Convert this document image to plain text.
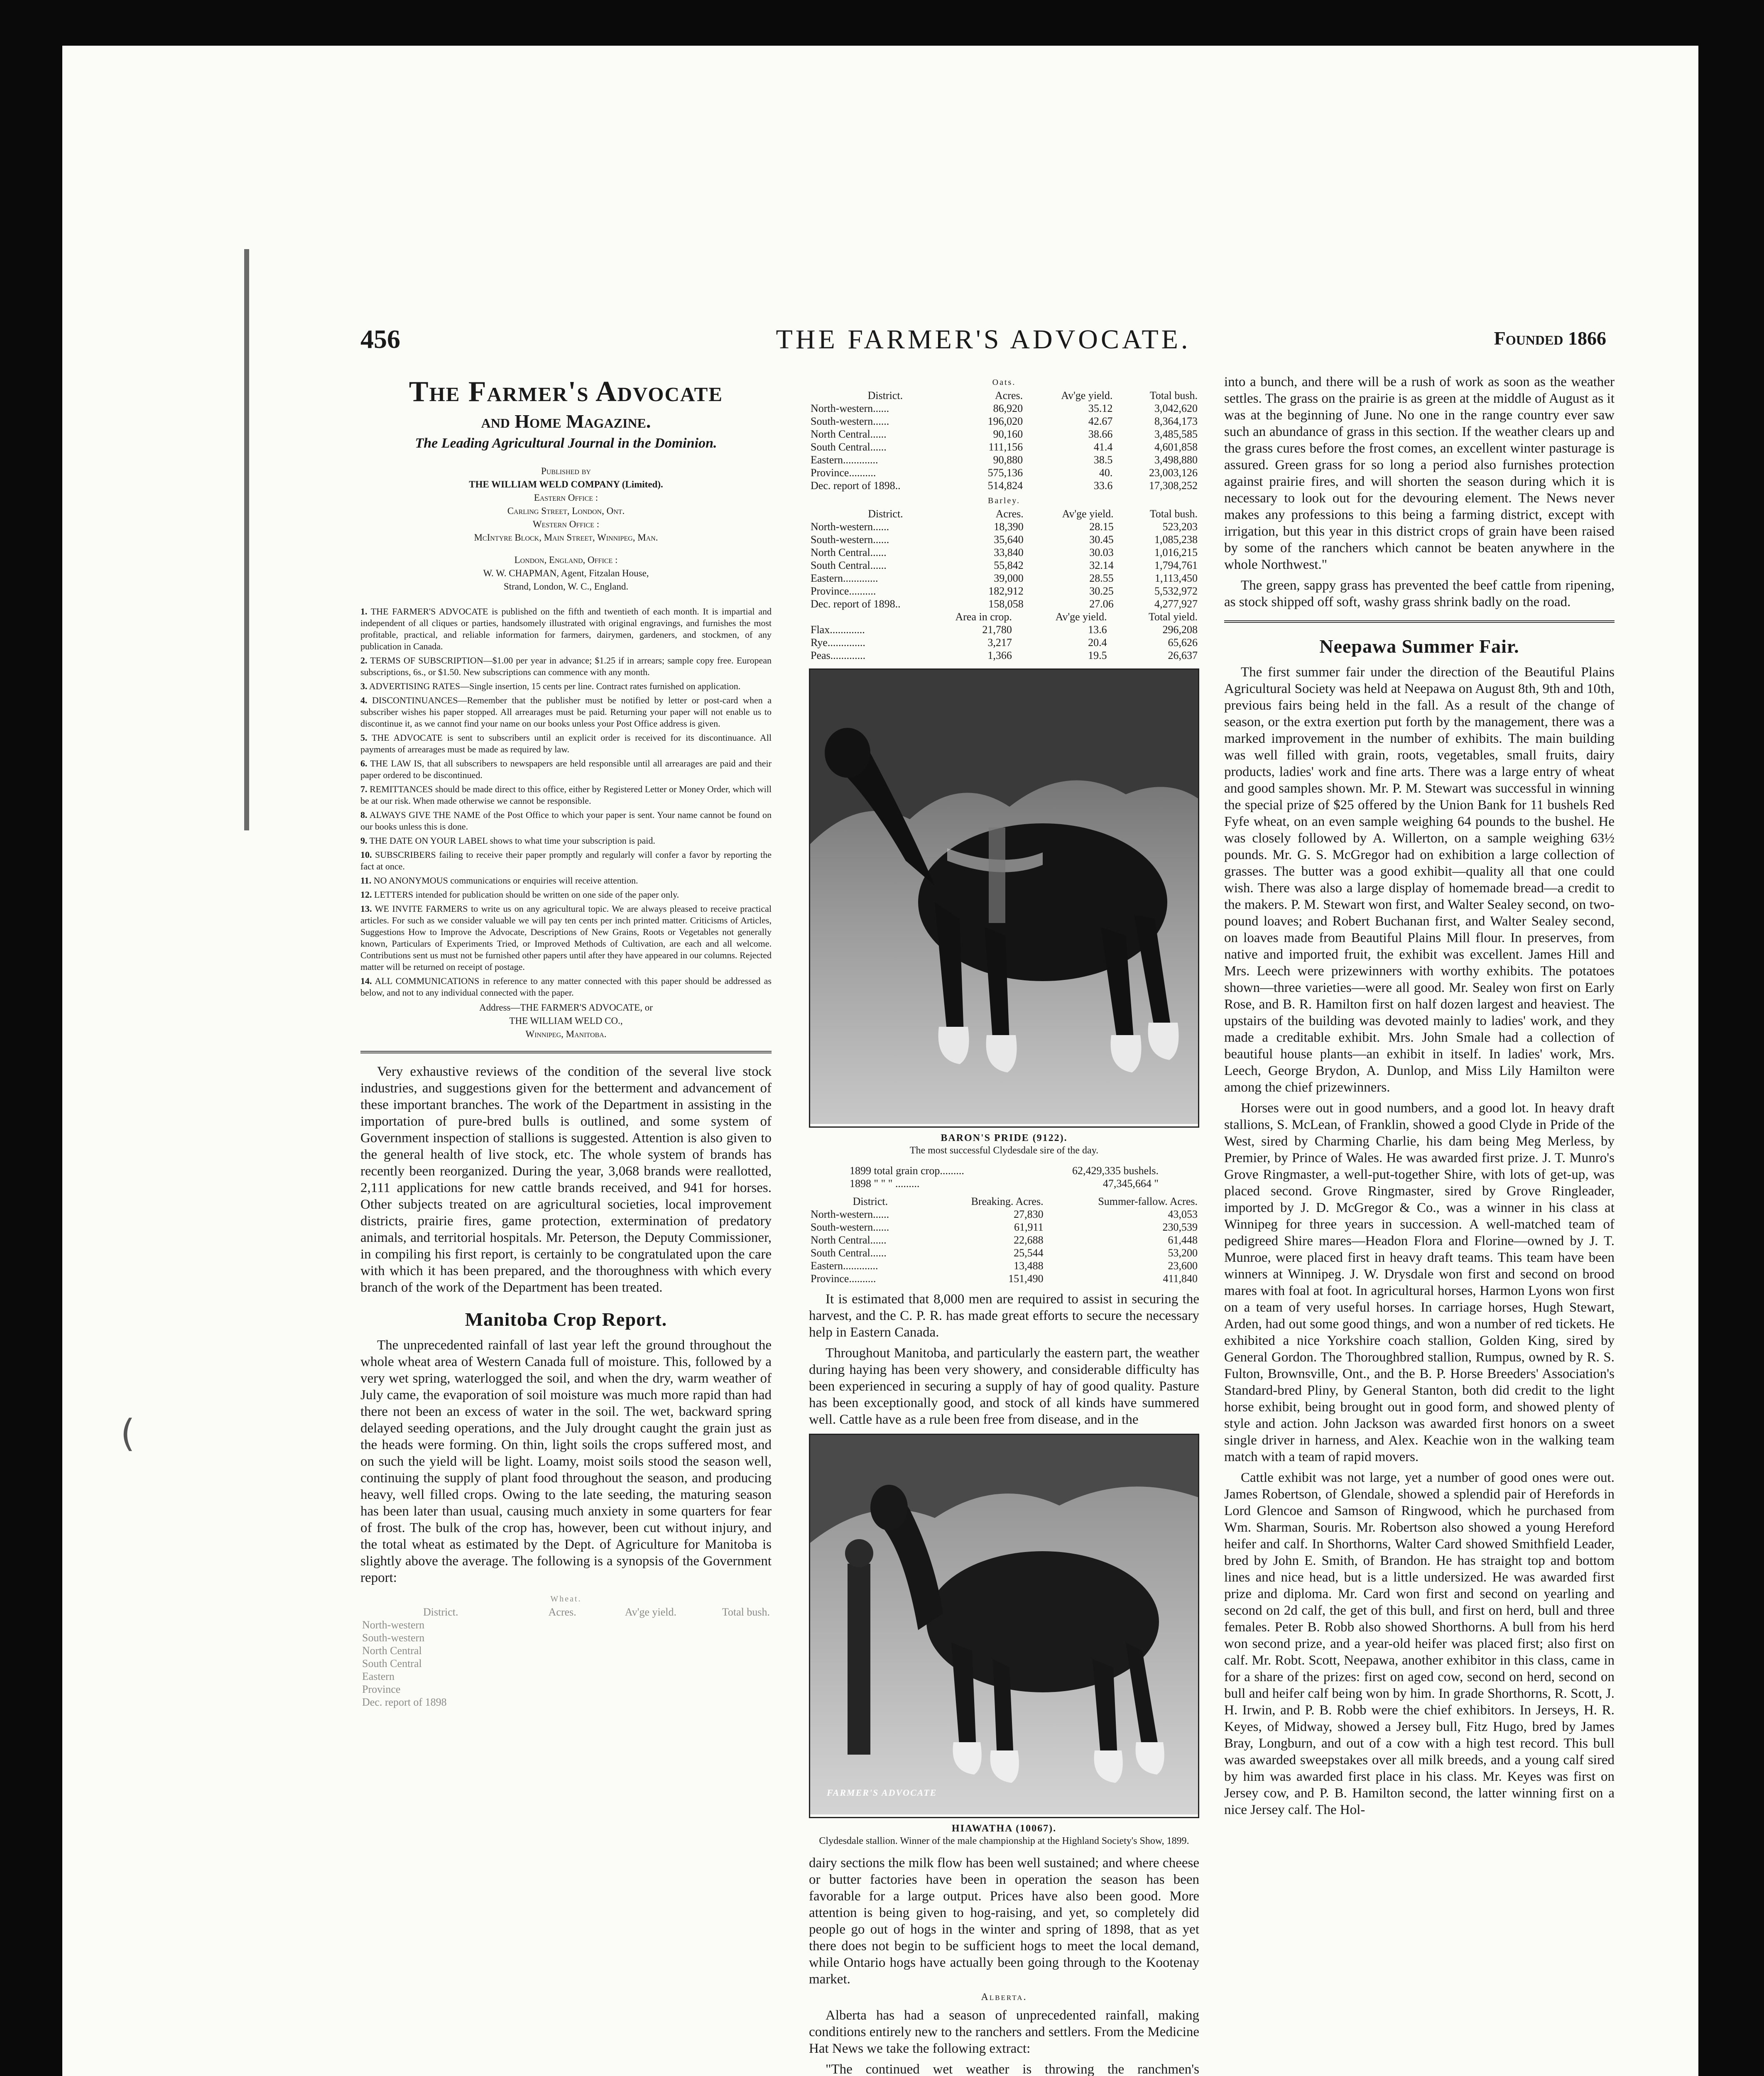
(
456	THE FARMER'S ADVOCATE.	Founded 1866
The Farmer's Advocate
and Home Magazine.
The Leading Agricultural Journal in the Dominion.
Published by
THE WILLIAM WELD COMPANY (Limited).
Eastern Office :
Carling Street, London, Ont.
Western Office :
McIntyre Block, Main Street, Winnipeg, Man.
London, England, Office :
W. W. CHAPMAN, Agent, Fitzalan House,
Strand, London, W. C., England.
1. THE FARMER'S ADVOCATE is published on the fifth and twentieth of each month. It is impartial and independent of all cliques or parties, handsomely illustrated with original engravings, and furnishes the most profitable, practical, and reliable information for farmers, dairymen, gardeners, and stockmen, of any publication in Canada.
2. TERMS OF SUBSCRIPTION—$1.00 per year in advance; $1.25 if in arrears; sample copy free. European subscriptions, 6s., or $1.50. New subscriptions can commence with any month.
3. ADVERTISING RATES—Single insertion, 15 cents per line. Contract rates furnished on application.
4. DISCONTINUANCES—Remember that the publisher must be notified by letter or post-card when a subscriber wishes his paper stopped. All arrearages must be paid. Returning your paper will not enable us to discontinue it, as we cannot find your name on our books unless your Post Office address is given.
5. THE ADVOCATE is sent to subscribers until an explicit order is received for its discontinuance. All payments of arrearages must be made as required by law.
6. THE LAW IS, that all subscribers to newspapers are held responsible until all arrearages are paid and their paper ordered to be discontinued.
7. REMITTANCES should be made direct to this office, either by Registered Letter or Money Order, which will be at our risk. When made otherwise we cannot be responsible.
8. ALWAYS GIVE THE NAME of the Post Office to which your paper is sent. Your name cannot be found on our books unless this is done.
9. THE DATE ON YOUR LABEL shows to what time your subscription is paid.
10. SUBSCRIBERS failing to receive their paper promptly and regularly will confer a favor by reporting the fact at once.
11. NO ANONYMOUS communications or enquiries will receive attention.
12. LETTERS intended for publication should be written on one side of the paper only.
13. WE INVITE FARMERS to write us on any agricultural topic. We are always pleased to receive practical articles. For such as we consider valuable we will pay ten cents per inch printed matter. Criticisms of Articles, Suggestions How to Improve the Advocate, Descriptions of New Grains, Roots or Vegetables not generally known, Particulars of Experiments Tried, or Improved Methods of Cultivation, are each and all welcome. Contributions sent us must not be furnished other papers until after they have appeared in our columns. Rejected matter will be returned on receipt of postage.
14. ALL COMMUNICATIONS in reference to any matter connected with this paper should be addressed as below, and not to any individual connected with the paper.
Address—THE FARMER'S ADVOCATE, or
THE WILLIAM WELD CO.,
Winnipeg, Manitoba.

Very exhaustive reviews of the condition of the several live stock industries, and suggestions given for the betterment and advancement of these important branches. The work of the Department in assisting in the importation of pure-bred bulls is outlined, and some system of Government inspection of stallions is suggested. Attention is also given to the general health of live stock, etc. The whole system of brands has recently been reorganized. During the year, 3,068 brands were reallotted, 2,111 applications for new cattle brands received, and 941 for horses. Other subjects treated on are agricultural societies, local improvement districts, prairie fires, game protection, extermination of predatory animals, and territorial hospitals. Mr. Peterson, the Deputy Commissioner, in compiling his first report, is certainly to be congratulated upon the care with which it has been prepared, and the thoroughness with which every branch of the work of the Department has been treated.

Manitoba Crop Report.

The unprecedented rainfall of last year left the ground throughout the whole wheat area of Western Canada full of moisture. This, followed by a very wet spring, waterlogged the soil, and when the dry, warm weather of July came, the evaporation of soil moisture was much more rapid than had there not been an excess of water in the soil. The wet, backward spring delayed seeding operations, and the July drought caught the grain just as the heads were forming. On thin, light soils the crops suffered most, and on such the yield will be light. Loamy, moist soils stood the season well, continuing the supply of plant food throughout the season, and producing heavy, well filled crops. Owing to the late seeding, the maturing season has been later than usual, causing much anxiety in some quarters for fear of frost. The bulk of the crop has, however, been cut without injury, and the total wheat as estimated by the Dept. of Agriculture for Manitoba is slightly above the average. The following is a synopsis of the Government report:

Wheat.			
District.	Acres.	Av'ge yield.	Total bush.
North-western			
South-western			
North Central			
South Central			
Eastern			
Province			
Dec. report of 1898			
Oats.			
District.	Acres.	Av'ge yield.	Total bush.
North-western......	86,920	35.12	3,042,620
South-western......	196,020	42.67	8,364,173
North Central......	90,160	38.66	3,485,585
South Central......	111,156	41.4	4,601,858
Eastern.............	90,880	38.5	3,498,880
Province..........	575,136	40.	23,003,126
Dec. report of 1898..	514,824	33.6	17,308,252
Barley.			
District.	Acres.	Av'ge yield.	Total bush.
North-western......	18,390	28.15	523,203
South-western......	35,640	30.45	1,085,238
North Central......	33,840	30.03	1,016,215
South Central......	55,842	32.14	1,794,761
Eastern.............	39,000	28.55	1,113,450
Province..........	182,912	30.25	5,532,972
Dec. report of 1898..	158,058	27.06	4,277,927
	Area in crop.	Av'ge yield.	Total yield.
Flax.............	21,780	13.6	296,208
Rye..............	3,217	20.4	65,626
Peas.............	1,366	19.5	26,637
BARON'S PRIDE (9122).
The most successful Clydesdale sire of the day.
1899 total grain crop.........	62,429,335 bushels.
1898 " " " .........	47,345,664 "
District.	Breaking. Acres.	Summer-fallow. Acres.
North-western......	27,830	43,053
South-western......	61,911	230,539
North Central......	22,688	61,448
South Central......	25,544	53,200
Eastern.............	13,488	23,600
Province..........	151,490	411,840

It is estimated that 8,000 men are required to assist in securing the harvest, and the C. P. R. has made great efforts to secure the necessary help in Eastern Canada.

Throughout Manitoba, and particularly the eastern part, the weather during haying has been very showery, and considerable difficulty has been experienced in securing a supply of hay of good quality. Pasture has been exceptionally good, and stock of all kinds have summered well. Cattle have as a rule been free from disease, and in the

FARMER'S ADVOCATE
HIAWATHA (10067).
Clydesdale stallion. Winner of the male championship at the Highland Society's Show, 1899.

dairy sections the milk flow has been well sustained; and where cheese or butter factories have been in operation the season has been favorable for a large output. Prices have also been good. More attention is being given to hog-raising, and yet, so completely did people go out of hogs in the winter and spring of 1898, that as yet there does not begin to be sufficient hogs to meet the local demand, while Ontario hogs have actually been going through to the Kootenay market.

Alberta.

Alberta has had a season of unprecedented rainfall, making conditions entirely new to the ranchers and settlers. From the Medicine Hat News we take the following extract:

"The continued wet weather is throwing the ranchmen's

into a bunch, and there will be a rush of work as soon as the weather settles. The grass on the prairie is as green at the middle of August as it was at the beginning of June. No one in the range country ever saw such an abundance of grass in this section. If the weather clears up and the grass cures before the frost comes, an excellent winter pasturage is assured. Green grass for so long a period also furnishes protection against prairie fires, and will shorten the season during which it is necessary to look out for the devouring element. The News never makes any professions to this being a farming district, except with irrigation, but this year in this district crops of grain have been raised by some of the ranchers which cannot be beaten anywhere in the whole Northwest."

The green, sappy grass has prevented the beef cattle from ripening, as stock shipped off soft, washy grass shrink badly on the road.

Neepawa Summer Fair.

The first summer fair under the direction of the Beautiful Plains Agricultural Society was held at Neepawa on August 8th, 9th and 10th, previous fairs being held in the fall. As a result of the change of season, or the extra exertion put forth by the management, there was a marked improvement in the number of exhibits. The main building was well filled with grain, roots, vegetables, small fruits, dairy products, ladies' work and fine arts. There was a large entry of wheat and good samples shown. Mr. P. M. Stewart was successful in winning the special prize of $25 offered by the Union Bank for 11 bushels Red Fyfe wheat, on an even sample weighing 64 pounds to the bushel. He was closely followed by A. Willerton, on a sample weighing 63½ pounds. Mr. G. S. McGregor had on exhibition a large collection of grasses. The butter was a good exhibit—quality all that one could wish. There was also a large display of homemade bread—a credit to the makers. P. M. Stewart won first, and Walter Sealey second, on two-pound loaves; and Robert Buchanan first, and Walter Sealey second, on loaves made from Beautiful Plains Mill flour. In preserves, from native and imported fruit, the exhibit was excellent. James Hill and Mrs. Leech were prizewinners with worthy exhibits. The potatoes shown—three varieties—were all good. Mr. Sealey won first on Early Rose, and B. R. Hamilton first on half dozen largest and heaviest. The upstairs of the building was devoted mainly to ladies' work, and they made a creditable exhibit. Mrs. John Smale had a collection of beautiful house plants—an exhibit in itself. In ladies' work, Mrs. Leech, George Brydon, A. Dunlop, and Miss Lily Hamilton were among the chief prizewinners.

Horses were out in good numbers, and a good lot. In heavy draft stallions, S. McLean, of Franklin, showed a good Clyde in Pride of the West, sired by Charming Charlie, his dam being Meg Merless, by Premier, by Prince of Wales. He was awarded first prize. J. T. Munro's Grove Ringmaster, a well-put-together Shire, with lots of get-up, was placed second. Grove Ringmaster, sired by Grove Ringleader, imported by J. D. McGregor & Co., was a winner in his class at Winnipeg for three years in succession. A well-matched team of pedigreed Shire mares—Headon Flora and Florine—owned by J. T. Munroe, were placed first in heavy draft teams. This team have been winners at Winnipeg. J. W. Drysdale won first and second on brood mares with foal at foot. In agricultural horses, Harmon Lyons won first on a team of very useful horses. In carriage horses, Hugh Stewart, Arden, had out some good things, and won a number of red tickets. He exhibited a nice Yorkshire coach stallion, Golden King, sired by General Gordon. The Thoroughbred stallion, Rumpus, owned by R. S. Fulton, Brownsville, Ont., and the B. P. Horse Breeders' Association's Standard-bred Pliny, by General Stanton, both did credit to the light horse exhibit, being brought out in good form, and showed plenty of style and action. John Jackson was awarded first honors on a sweet single driver in harness, and Alex. Keachie won in the walking team match with a team of rapid movers.

Cattle exhibit was not large, yet a number of good ones were out. James Robertson, of Glendale, showed a splendid pair of Herefords in Lord Glencoe and Samson of Ringwood, which he purchased from Wm. Sharman, Souris. Mr. Robertson also showed a young Hereford heifer and calf. In Shorthorns, Walter Card showed Smithfield Leader, bred by John E. Smith, of Brandon. He has straight top and bottom lines and nice head, but is a little undersized. He was awarded first prize and diploma. Mr. Card won first and second on yearling and second on 2d calf, the get of this bull, and first on herd, bull and three females. Peter B. Robb also showed Shorthorns. A bull from his herd won second prize, and a year-old heifer was placed first; also first on calf. Mr. Robt. Scott, Neepawa, another exhibitor in this class, came in for a share of the prizes: first on aged cow, second on herd, second on bull and heifer calf being won by him. In grade Shorthorns, R. Scott, J. H. Irwin, and P. B. Robb were the chief exhibitors. In Jerseys, H. R. Keyes, of Midway, showed a Jersey bull, Fitz Hugo, bred by James Bray, Longburn, and out of a cow with a high test record. This bull was awarded sweepstakes over all milk breeds, and a young calf sired by him was awarded first place in his class. Mr. Keyes was first on Jersey cow, and P. B. Hamilton second, the latter winning first on a nice Jersey calf. The Hol-
